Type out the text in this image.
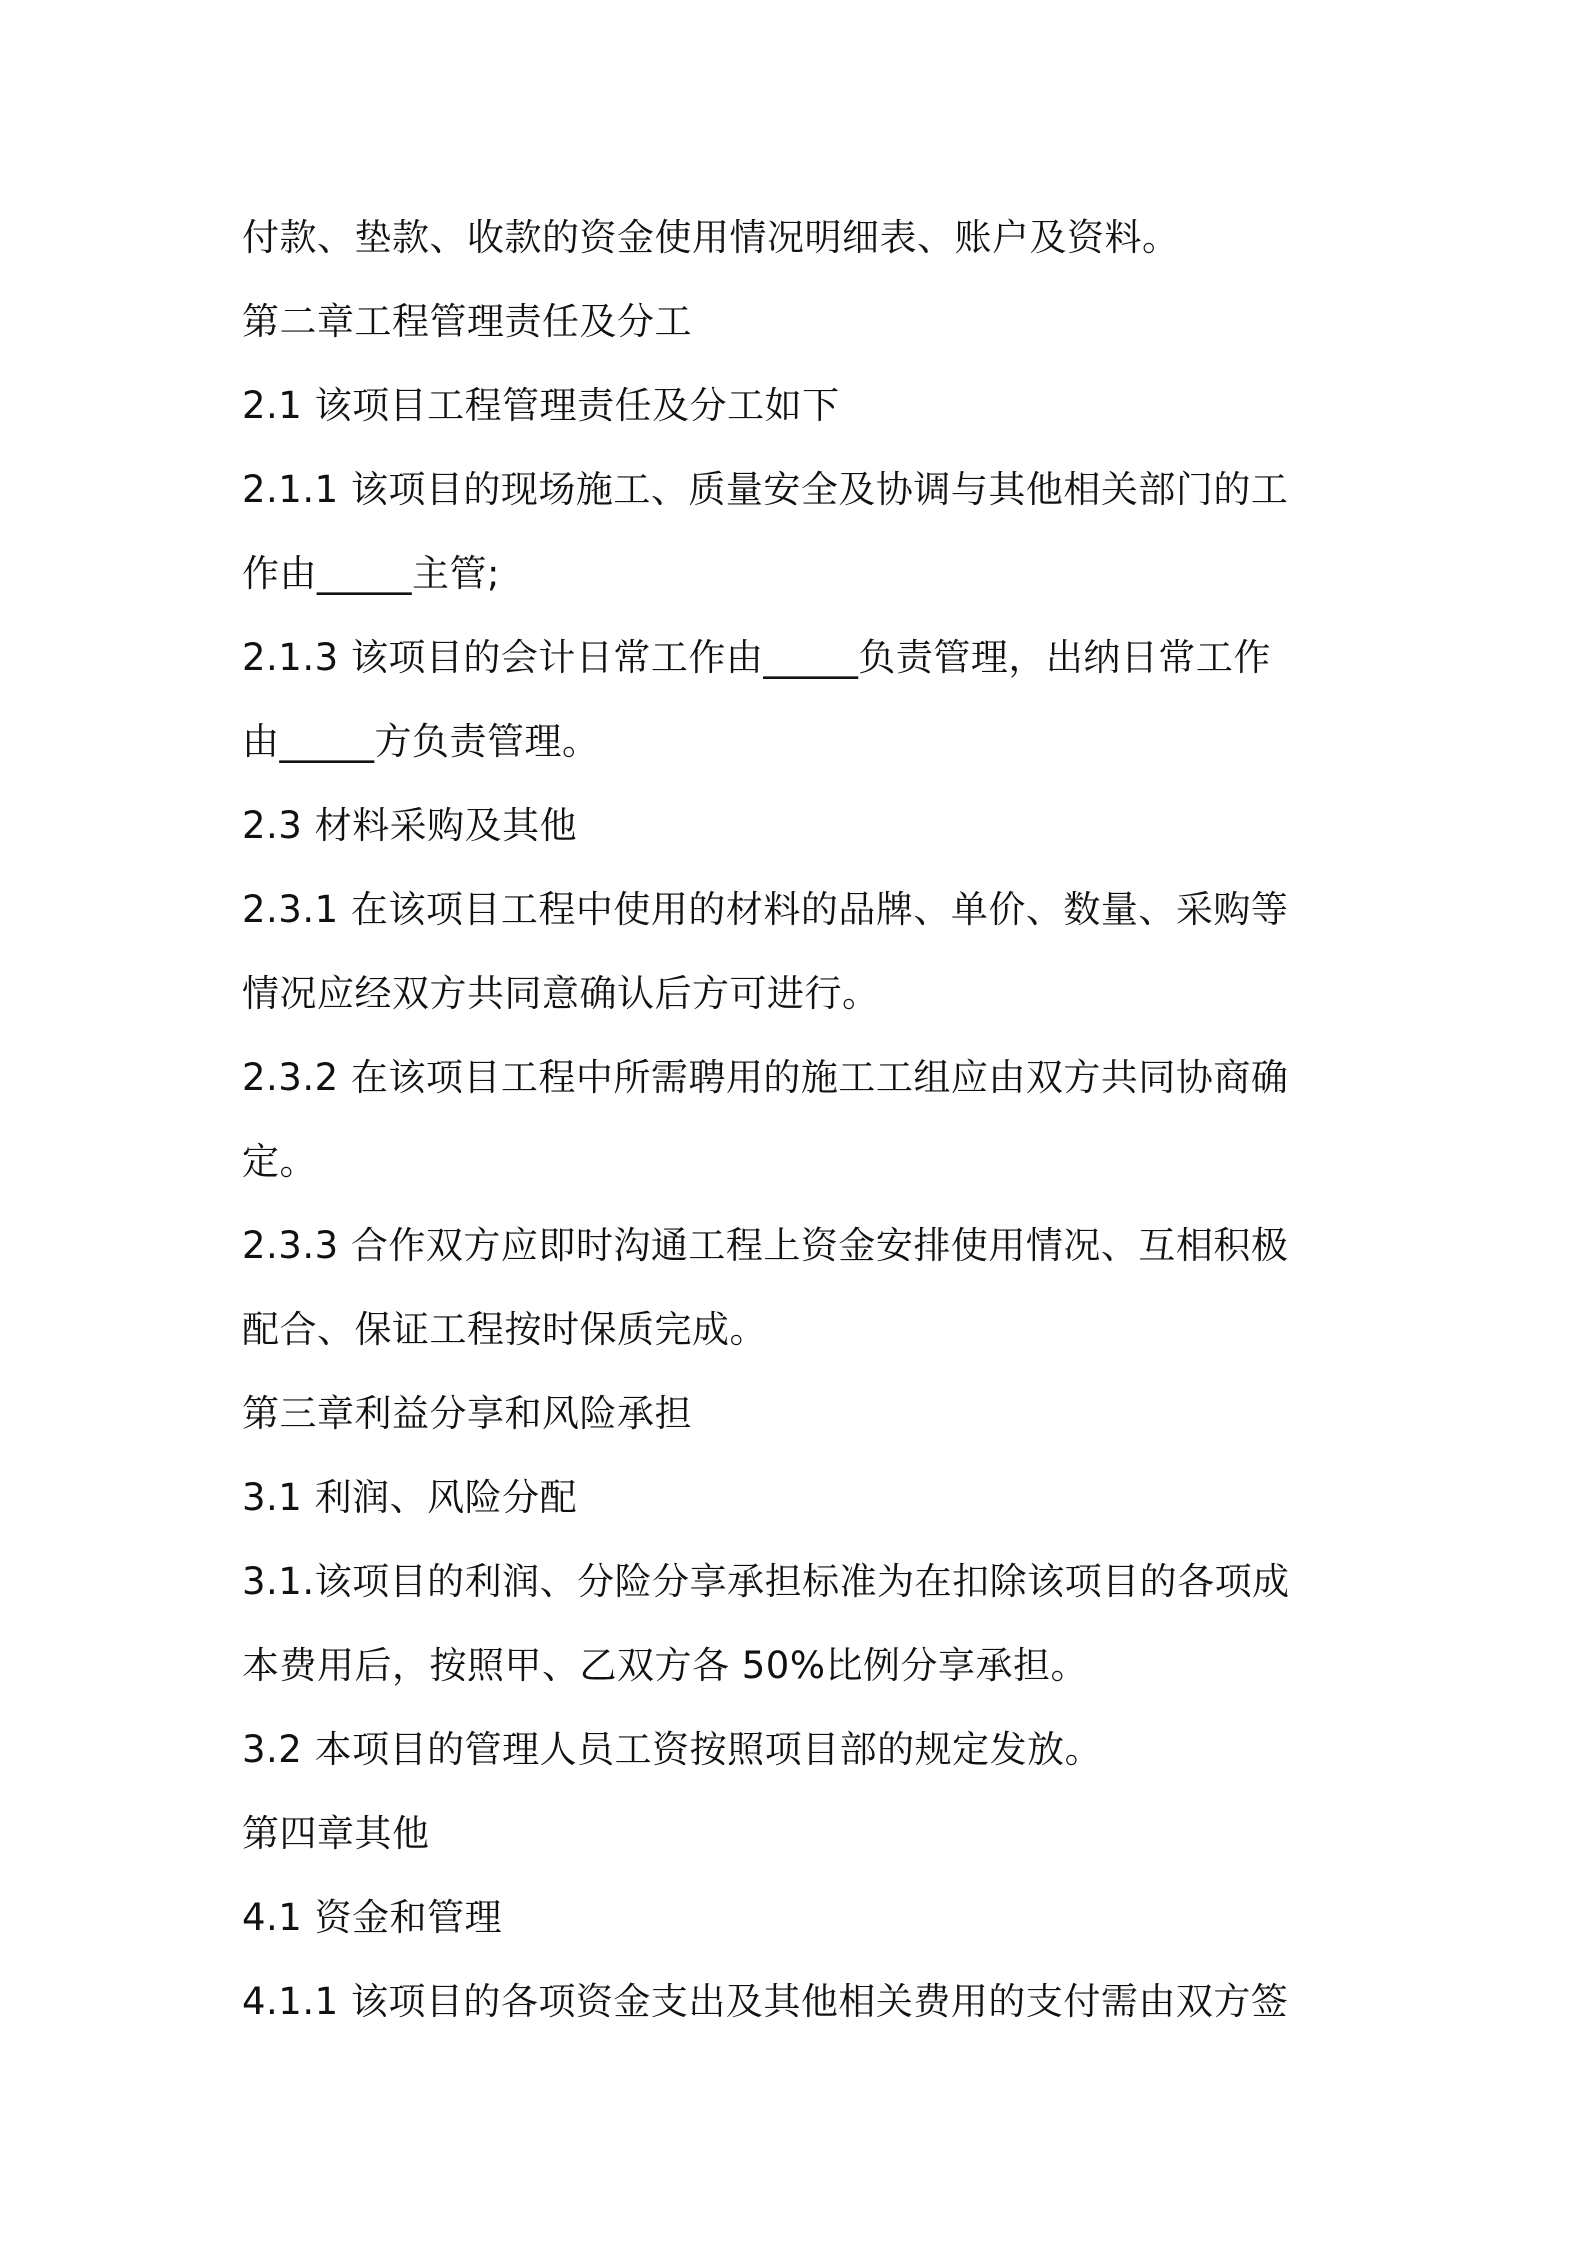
付款、垫款、收款的资金使用情况明细表、账户及资料。
第二章工程管理责任及分工
2.1 该项目工程管理责任及分工如下
2.1.1 该项目的现场施工、质量安全及协调与其他相关部门的工
作由_____主管;
2.1.3 该项目的会计日常工作由_____负责管理，出纳日常工作
由_____方负责管理。
2.3 材料采购及其他
2.3.1 在该项目工程中使用的材料的品牌、单价、数量、采购等
情况应经双方共同意确认后方可进行。
2.3.2 在该项目工程中所需聘用的施工工组应由双方共同协商确
定。
2.3.3 合作双方应即时沟通工程上资金安排使用情况、互相积极
配合、保证工程按时保质完成。
第三章利益分享和风险承担
3.1 利润、风险分配
3.1.该项目的利润、分险分享承担标准为在扣除该项目的各项成
本费用后，按照甲、乙双方各 50%比例分享承担。
3.2 本项目的管理人员工资按照项目部的规定发放。
第四章其他
4.1 资金和管理
4.1.1 该项目的各项资金支出及其他相关费用的支付需由双方签
